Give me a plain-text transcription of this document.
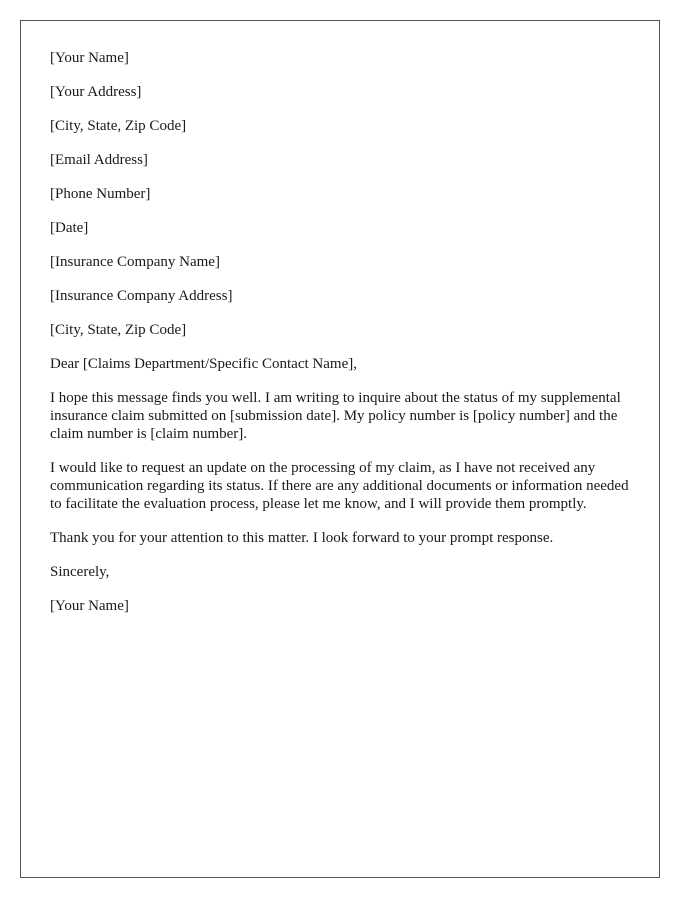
[Your Name]
[Your Address]
[City, State, Zip Code]
[Email Address]
[Phone Number]
[Date]
[Insurance Company Name]
[Insurance Company Address]
[City, State, Zip Code]
Dear [Claims Department/Specific Contact Name],

I hope this message finds you well. I am writing to inquire about the status of my supplemental insurance claim submitted on [submission date]. My policy number is [policy number] and the claim number is [claim number].

I would like to request an update on the processing of my claim, as I have not received any communication regarding its status. If there are any additional documents or information needed to facilitate the evaluation process, please let me know, and I will provide them promptly.

Thank you for your attention to this matter. I look forward to your prompt response.

Sincerely,
[Your Name]
